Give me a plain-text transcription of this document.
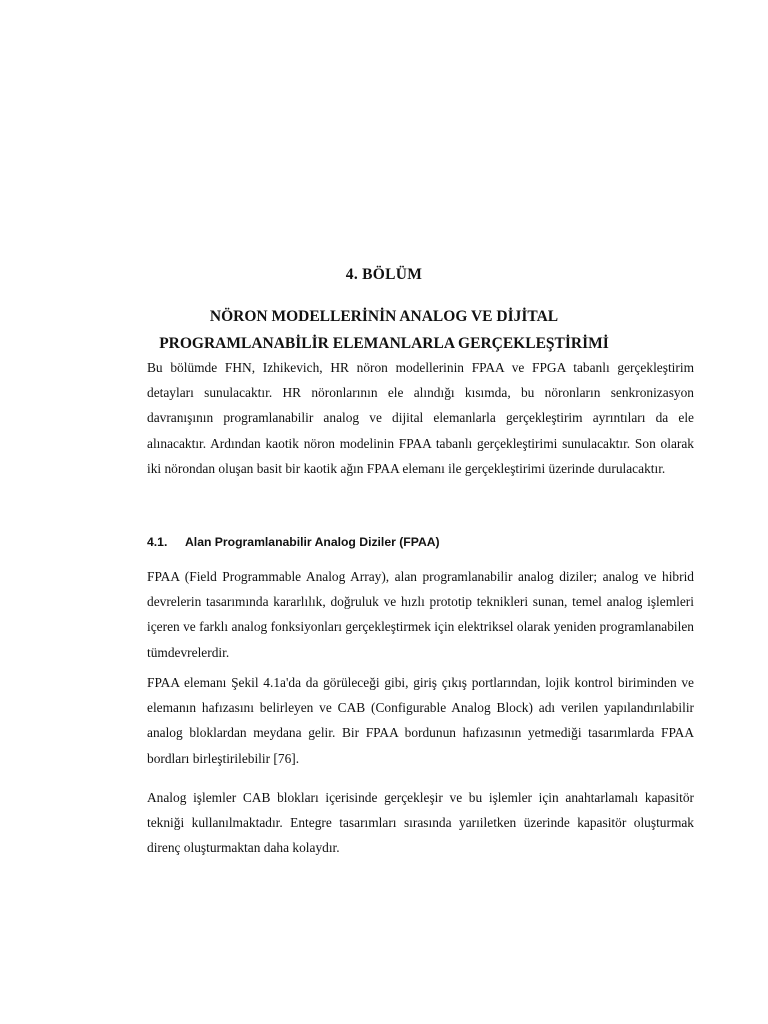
4. BÖLÜM
NÖRON MODELLERİNİN ANALOG VE DİJİTAL
PROGRAMLANABİLİR ELEMANLARLA GERÇEKLEŞTİRİMİ

Bu bölümde FHN, Izhikevich, HR nöron modellerinin FPAA ve FPGA tabanlı gerçekleştirim detayları sunulacaktır. HR nöronlarının ele alındığı kısımda, bu nöronların senkronizasyon davranışının programlanabilir analog ve dijital elemanlarla gerçekleştirim ayrıntıları da ele alınacaktır. Ardından kaotik nöron modelinin FPAA tabanlı gerçekleştirimi sunulacaktır. Son olarak iki nörondan oluşan basit bir kaotik ağın FPAA elemanı ile gerçekleştirimi üzerinde durulacaktır.

4.1. Alan Programlanabilir Analog Diziler (FPAA)

FPAA (Field Programmable Analog Array), alan programlanabilir analog diziler; analog ve hibrid devrelerin tasarımında kararlılık, doğruluk ve hızlı prototip teknikleri sunan, temel analog işlemleri içeren ve farklı analog fonksiyonları gerçekleştirmek için elektriksel olarak yeniden programlanabilen tümdevrelerdir.

FPAA elemanı Şekil 4.1a'da da görüleceği gibi, giriş çıkış portlarından, lojik kontrol biriminden ve elemanın hafızasını belirleyen ve CAB (Configurable Analog Block) adı verilen yapılandırılabilir analog bloklardan meydana gelir. Bir FPAA bordunun hafızasının yetmediği tasarımlarda FPAA bordları birleştirilebilir [76].

Analog işlemler CAB blokları içerisinde gerçekleşir ve bu işlemler için anahtarlamalı kapasitör tekniği kullanılmaktadır. Entegre tasarımları sırasında yarıiletken üzerinde kapasitör oluşturmak direnç oluşturmaktan daha kolaydır.
